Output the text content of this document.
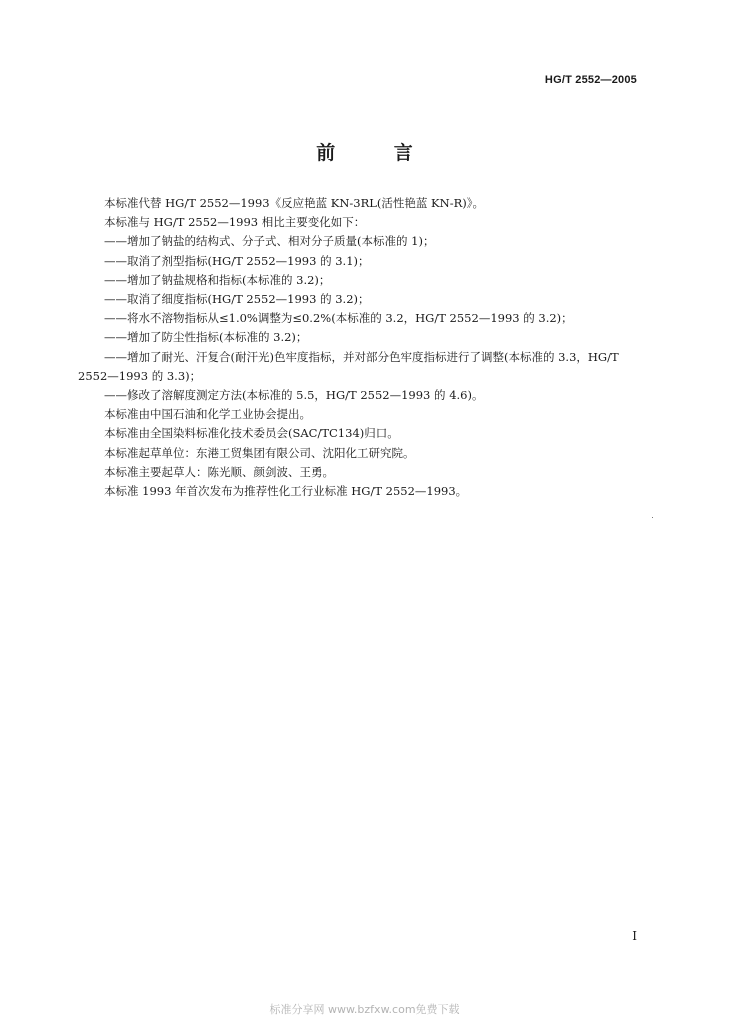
HG/T 2552—2005
前 言
本标准代替 HG/T 2552—1993《反应艳蓝 KN-3RL(活性艳蓝 KN-R)》。
本标准与 HG/T 2552—1993 相比主要变化如下：
——增加了钠盐的结构式、分子式、相对分子质量(本标准的 1)；
——取消了剂型指标(HG/T 2552—1993 的 3.1)；
——增加了钠盐规格和指标(本标准的 3.2)；
——取消了细度指标(HG/T 2552—1993 的 3.2)；
——将水不溶物指标从≤1.0%调整为≤0.2%(本标准的 3.2，HG/T 2552—1993 的 3.2)；
——增加了防尘性指标(本标准的 3.2)；
——增加了耐光、汗复合(耐汗光)色牢度指标，并对部分色牢度指标进行了调整(本标准的 3.3，HG/T 2552—1993 的 3.3)；
——修改了溶解度测定方法(本标准的 5.5，HG/T 2552—1993 的 4.6)。
本标准由中国石油和化学工业协会提出。
本标准由全国染料标准化技术委员会(SAC/TC134)归口。
本标准起草单位：东港工贸集团有限公司、沈阳化工研究院。
本标准主要起草人：陈光顺、颜剑波、王勇。
本标准 1993 年首次发布为推荐性化工行业标准 HG/T 2552—1993。
I
标准分享网 www.bzfxw.com免费下载
